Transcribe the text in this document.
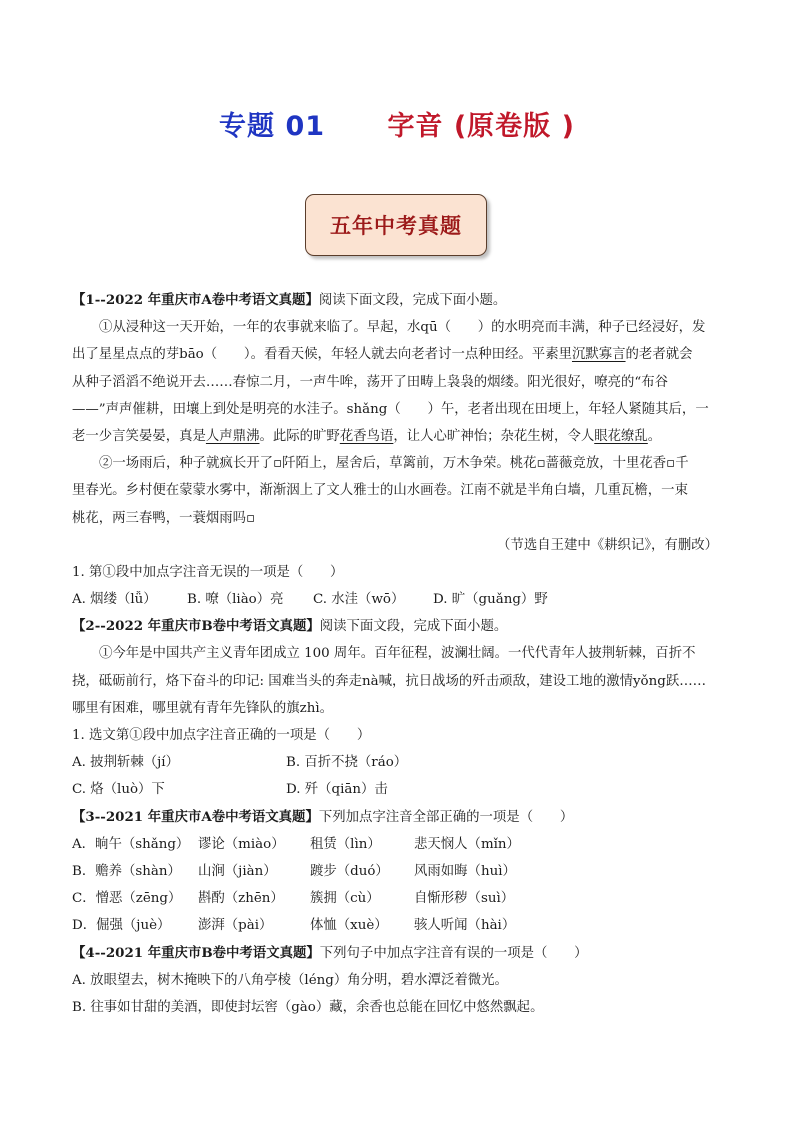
专题 01 字音 (原卷版 )
五年中考真题
【1--2022 年重庆市A卷中考语文真题】阅读下面文段，完成下面小题。
①从浸种这一天开始，一年的农事就来临了。早起，水qū（　　）的水明亮而丰满，种子已经浸好，发
出了星星点点的芽bāo（　　）。看看天候，年轻人就去向老者讨一点种田经。平素里沉默寡言的老者就会
从种子滔滔不绝说开去……春惊二月，一声牛哞，荡开了田畴上袅袅的烟缕。阳光很好，嘹亮的“布谷
——”声声催耕，田壤上到处是明亮的水洼子。shǎng（　　）午，老者出现在田埂上，年轻人紧随其后，一
老一少言笑晏晏，真是人声鼎沸。此际的旷野花香鸟语，让人心旷神怡；杂花生树，令人眼花缭乱。
②一场雨后，种子就疯长开了▫阡陌上，屋舍后，草篱前，万木争荣。桃花▫蔷薇竞放，十里花香▫千
里春光。乡村便在蒙蒙水雾中，渐渐洇上了文人雅士的山水画卷。江南不就是半角白墙，几重瓦檐，一束
桃花，两三春鸭，一蓑烟雨吗▫
（节选自王建中《耕织记》，有删改）
1. 第①段中加点字注音无误的一项是（　　）
A. 烟缕（lǚ） B. 嘹（liào）亮 C. 水洼（wō） D. 旷（guǎng）野
【2--2022 年重庆市B卷中考语文真题】阅读下面文段，完成下面小题。
①今年是中国共产主义青年团成立 100 周年。百年征程，波澜壮阔。一代代青年人披荆斩棘，百折不
挠，砥砺前行，烙下奋斗的印记: 国难当头的奔走nà喊，抗日战场的歼击顽敌，建设工地的激情yǒng跃……
哪里有困难，哪里就有青年先锋队的旗zhì。
1. 选文第①段中加点字注音正确的一项是（　　）
A. 披荆斩棘（jí）	B. 百折不挠（ráo）
C. 烙（luò）下	D. 歼（qiān）击
【3--2021 年重庆市A卷中考语文真题】下列加点字注音全部正确的一项是（　　）
A．晌午（shǎng） 谬论（miào） 租赁（lìn） 悲天悯人（mǐn）
B．赡养（shàn） 山涧（jiàn） 踱步（duó） 风雨如晦（huì）
C．憎恶（zēng） 斟酌（zhēn） 簇拥（cù）	自惭形秽（suì）
D．倔强（juè） 澎湃（pài）	体恤（xuè） 骇人听闻（hài）
【4--2021 年重庆市B卷中考语文真题】下列句子中加点字注音有误的一项是（　　）
A. 放眼望去，树木掩映下的八角亭棱（léng）角分明，碧水潭泛着微光。
B. 往事如甘甜的美酒，即使封坛窖（gào）藏，余香也总能在回忆中悠然飘起。
